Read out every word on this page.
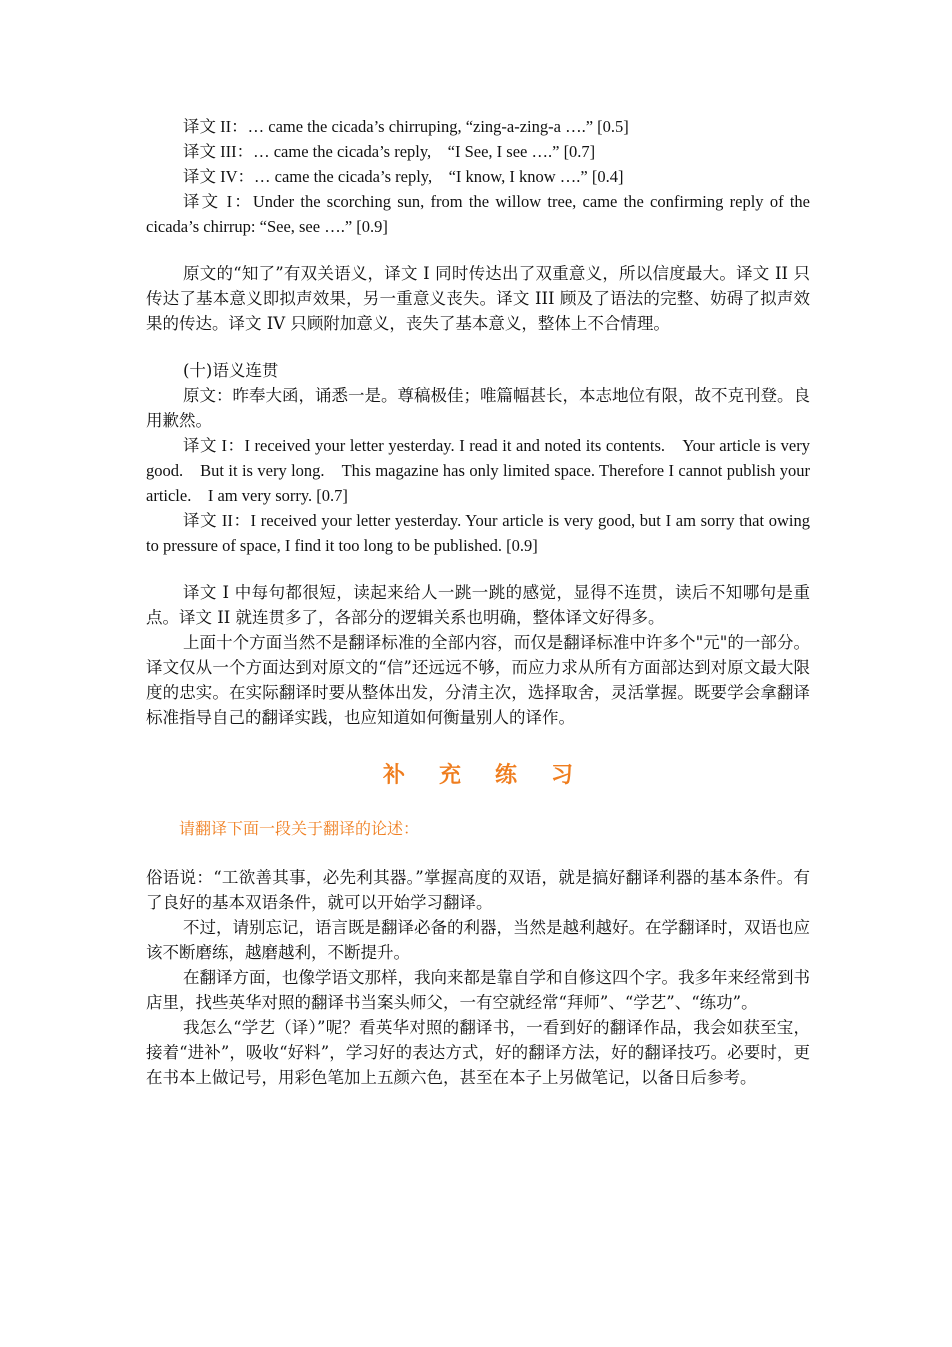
译文 II：… came the cicada’s chirruping, “zing-a-zing-a ….” [0.5]

译文 III：… came the cicada’s reply,　“I See, I see ….” [0.7]

译文 IV：… came the cicada’s reply,　“I know, I know ….” [0.4]

译文 I：Under the scorching sun, from the willow tree, came the confirming reply of the cicada’s chirrup: “See, see ….” [0.9]

原文的“知了”有双关语义，译文 I 同时传达出了双重意义，所以信度最大。译文 II 只传达了基本意义即拟声效果，另一重意义丧失。译文 III 顾及了语法的完整、妨碍了拟声效果的传达。译文 IV 只顾附加意义，丧失了基本意义，整体上不合情理。

(十)语义连贯

原文：昨奉大函，诵悉一是。尊稿极佳；唯篇幅甚长，本志地位有限，故不克刊登。良用歉然。

译文 I：I received your letter yesterday. I read it and noted its contents.　Your article is very good.　But it is very long.　This magazine has only limited space. Therefore I cannot publish your article.　I am very sorry. [0.7]

译文 II：I received your letter yesterday. Your article is very good, but I am sorry that owing to pressure of space, I find it too long to be published. [0.9]

译文 I 中每句都很短，读起来给人一跳一跳的感觉，显得不连贯，读后不知哪句是重点。译文 II 就连贯多了，各部分的逻辑关系也明确，整体译文好得多。

上面十个方面当然不是翻译标准的全部内容，而仅是翻译标准中许多个"元"的一部分。译文仅从一个方面达到对原文的“信”还远远不够，而应力求从所有方面部达到对原文最大限度的忠实。在实际翻译时要从整体出发，分清主次，选择取舍，灵活掌握。既要学会拿翻译标准指导自己的翻译实践，也应知道如何衡量别人的译作。

补充练习

请翻译下面一段关于翻译的论述：

俗语说：“工欲善其事，必先利其器。”掌握高度的双语，就是搞好翻译利器的基本条件。有了良好的基本双语条件，就可以开始学习翻译。

不过，请别忘记，语言既是翻译必备的利器，当然是越利越好。在学翻译时，双语也应该不断磨练，越磨越利，不断提升。

在翻译方面，也像学语文那样，我向来都是靠自学和自修这四个字。我多年来经常到书店里，找些英华对照的翻译书当案头师父，一有空就经常“拜师”、“学艺”、“练功”。

我怎么“学艺（译）”呢？看英华对照的翻译书，一看到好的翻译作品，我会如获至宝，接着“进补”，吸收“好料”，学习好的表达方式，好的翻译方法，好的翻译技巧。必要时，更在书本上做记号，用彩色笔加上五颜六色，甚至在本子上另做笔记，以备日后参考。
